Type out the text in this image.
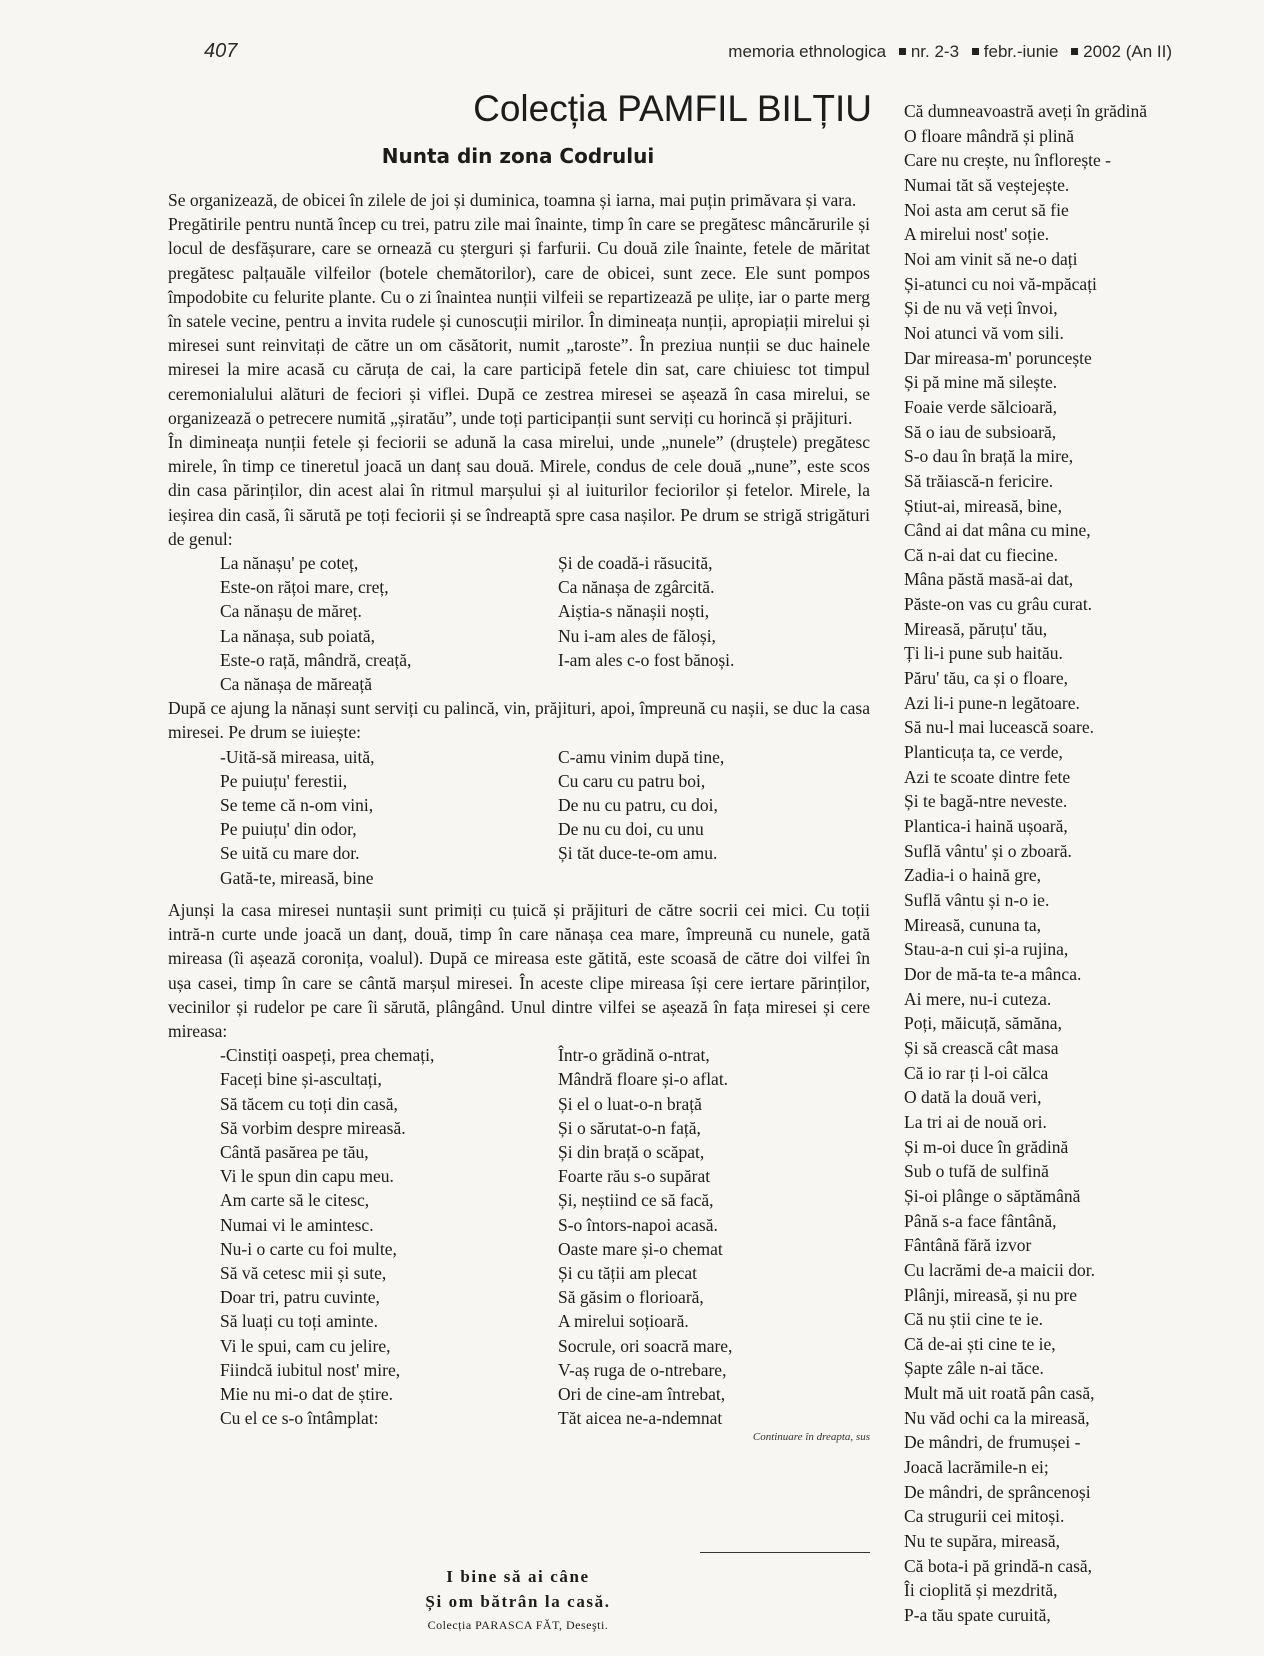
407	memoria ethnologica nr. 2-3 febr.-iunie 2002 (An II)
Colecția PAMFIL BILȚIU
Nunta din zona Codrului

Se organizează, de obicei în zilele de joi și duminica, toamna și iarna, mai puțin primăvara și vara.

Pregătirile pentru nuntă încep cu trei, patru zile mai înainte, timp în care se pregătesc mâncărurile și locul de desfășurare, care se ornează cu ștergurі și farfurii. Cu două zile înainte, fetele de măritat pregătesc palțauăle vilfeilor (botele chemătorilor), care de obicei, sunt zece. Ele sunt pompos împodobite cu felurite plante. Cu o zi înaintea nunții vilfeii se repartizează pe ulițe, iar o parte merg în satele vecine, pentru a invita rudele și cunoscuții mirilor. În dimineața nunții, apropiații mirelui și miresei sunt reinvitați de către un om căsătorit, numit „taroste”. În preziua nunții se duc hainele miresei la mire acasă cu căruța de cai, la care participă fetele din sat, care chiuiesc tot timpul ceremonialului alături de feciori și viflei. După ce zestrea miresei se așează în casa mirelui, se organizează o petrecere numită „șiratău”, unde toți participanții sunt serviți cu horincă și prăjituri.

În dimineața nunții fetele și feciorii se adună la casa mirelui, unde „nunele” (druștele) pregătesc mirele, în timp ce tineretul joacă un danț sau două. Mirele, condus de cele două „nune”, este scos din casa părinților, din acest alai în ritmul marșului și al iuiturilor feciorilor și fetelor. Mirele, la ieșirea din casă, îi sărută pe toți feciorii și se îndreaptă spre casa nașilor. Pe drum se strigă strigături de genul:

La nănașu' pe coteț,
Este-on rățoi mare, creț,
Ca nănașu de măreț.
La nănașa, sub poiată,
Este-o rață, mândră, creață,
Ca nănașa de măreață
Și de coadă-i răsucită,
Ca nănașa de zgârcită.
Aiștia-s nănașii noști,
Nu i-am ales de făloși,
I-am ales c-o fost bănoși.

După ce ajung la nănași sunt serviți cu palincă, vin, prăjituri, apoi, împreună cu nașii, se duc la casa miresei. Pe drum se iuiește:

-Uită-să mireasa, uită,
Pe puiuțu' ferestii,
Se teme că n-om vini,
Pe puiuțu' din odor,
Se uită cu mare dor.
Gată-te, mireasă, bine
C-amu vinim după tine,
Cu caru cu patru boi,
De nu cu patru, cu doi,
De nu cu doi, cu unu
Și tăt duce-te-om amu.

Ajunși la casa miresei nuntașii sunt primiți cu țuică și prăjituri de către socrii cei mici. Cu toții intră-n curte unde joacă un danț, două, timp în care nănașa cea mare, împreună cu nunele, gată mireasa (îi așează coronița, voalul). După ce mireasa este gătită, este scoasă de către doi vilfei în ușa casei, timp în care se cântă marșul miresei. În aceste clipe mireasa își cere iertare părinților, vecinilor și rudelor pe care îi sărută, plângând. Unul dintre vilfei se așează în fața miresei și cere mireasa:

-Cinstiți oaspeți, prea chemați,
Faceți bine și-ascultați,
Să tăcem cu toți din casă,
Să vorbim despre mireasă.
Cântă pasărea pe tău,
Vi le spun din capu meu.
Am carte să le citesc,
Numai vi le amintesc.
Nu-i o carte cu foi multe,
Să vă cetesc mii și sute,
Doar tri, patru cuvinte,
Să luați cu toți aminte.
Vi le spui, cam cu jelire,
Fiindcă iubitul nost' mire,
Mie nu mi-o dat de știre.
Cu el ce s-o întâmplat:
Într-o grădină o-ntrat,
Mândră floare și-o aflat.
Și el o luat-o-n brață
Și o sărutat-o-n față,
Și din brață o scăpat,
Foarte rău s-o supărat
Și, neștiind ce să facă,
S-o întors-napoi acasă.
Oaste mare și-o chemat
Și cu tății am plecat
Să găsim o florioară,
A mirelui soțioară.
Socrule, ori soacră mare,
V-aș ruga de o-ntrebare,
Ori de cine-am întrebat,
Tăt aicea ne-a-ndemnat

Continuare în dreapta, sus

I bine să ai câne
Și om bătrân la casă.
Colecția PARASCA FĂT, Deseşti.
Că dumneavoastră aveți în grădină
O floare mândră și plină
Care nu crește, nu înflorește -
Numai tăt să veștejește.
Noi asta am cerut să fie
A mirelui nost' soție.
Noi am vinit să ne-o dați
Și-atunci cu noi vă-mpăcați
Și de nu vă veți învoi,
Noi atunci vă vom sili.
Dar mireasa-m' poruncește
Și pă mine mă silește.
Foaie verde sălcioară,
Să o iau de subsioară,
S-o dau în brață la mire,
Să trăiască-n fericire.
Știut-ai, mireasă, bine,
Când ai dat mâna cu mine,
Că n-ai dat cu fiecine.
Mâna păstă masă-ai dat,
Păste-on vas cu grâu curat.
Mireasă, păruțu' tău,
Ți li-i pune sub haitău.
Păru' tău, ca și o floare,
Azi li-i pune-n legătoare.
Să nu-l mai lucească soare.
Planticuța ta, ce verde,
Azi te scoate dintre fete
Și te bagă-ntre neveste.
Plantica-i haină ușoară,
Suflă vântu' și o zboară.
Zadia-i o haină gre,
Suflă vântu și n-o ie.
Mireasă, cununa ta,
Stau-a-n cui și-a rujina,
Dor de mă-ta te-a mânca.
Ai mere, nu-i cuteza.
Poți, măicuță, sămăna,
Și să crească cât masa
Că io rar ți l-oi călca
O dată la două veri,
La tri ai de nouă ori.
Și m-oi duce în grădină
Sub o tufă de sulfină
Și-oi plânge o săptămână
Până s-a face fântână,
Fântână fără izvor
Cu lacrămi de-a maicii dor.
Plânji, mireasă, și nu pre
Că nu știi cine te ie.
Că de-ai ști cine te ie,
Șapte zâle n-ai tăce.
Mult mă uit roată pân casă,
Nu văd ochi ca la mireasă,
De mândri, de frumușei -
Joacă lacrămile-n ei;
De mândri, de sprâncenoși
Ca strugurii cei mitoși.
Nu te supăra, mireasă,
Că bota-i pă grindă-n casă,
Îi cioplită și mezdrită,
P-a tău spate curuită,
